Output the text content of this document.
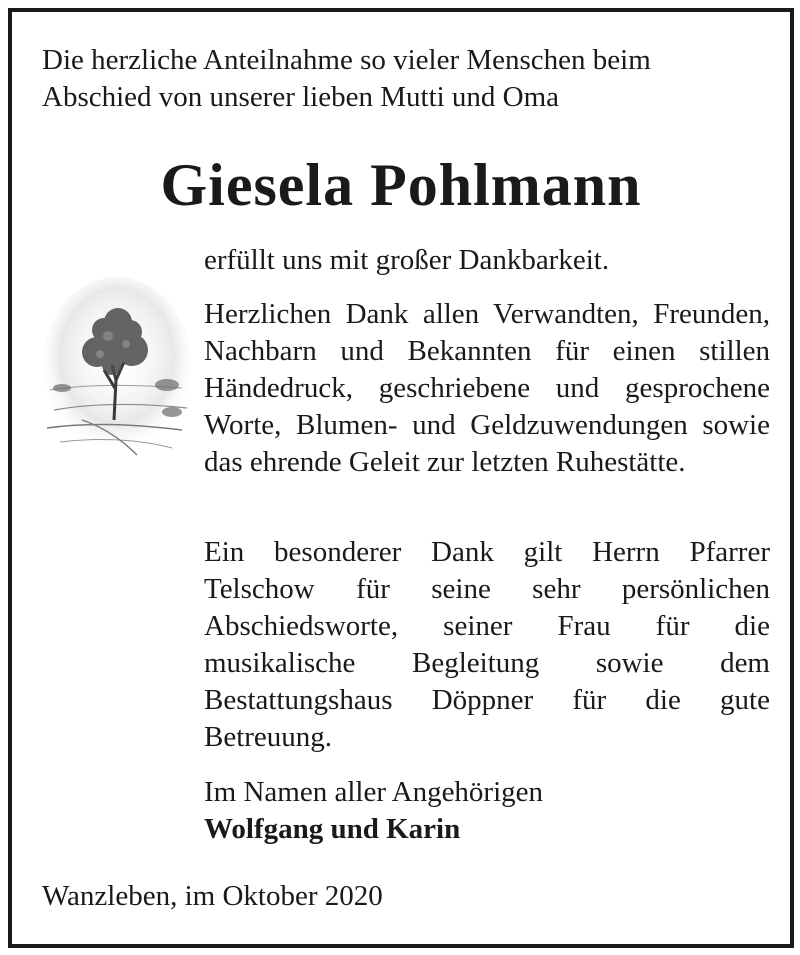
Die herzliche Anteilnahme so vieler Menschen beim
Abschied von unserer lieben Mutti und Oma
Giesela Pohlmann
erfüllt uns mit großer Dankbarkeit.
Herzlichen Dank allen Verwandten, Freunden, Nachbarn und Bekannten für einen stillen Händedruck, geschriebene und gesprochene Worte, Blumen- und Geldzuwendungen sowie das ehrende Geleit zur letzten Ruhestätte.
Ein besonderer Dank gilt Herrn Pfarrer Telschow für seine sehr persönlichen Abschiedsworte, seiner Frau für die musikalische Begleitung sowie dem Bestattungshaus Döppner für die gute Betreuung.
Im Namen aller Angehörigen
Wolfgang und Karin
Wanzleben, im Oktober 2020
